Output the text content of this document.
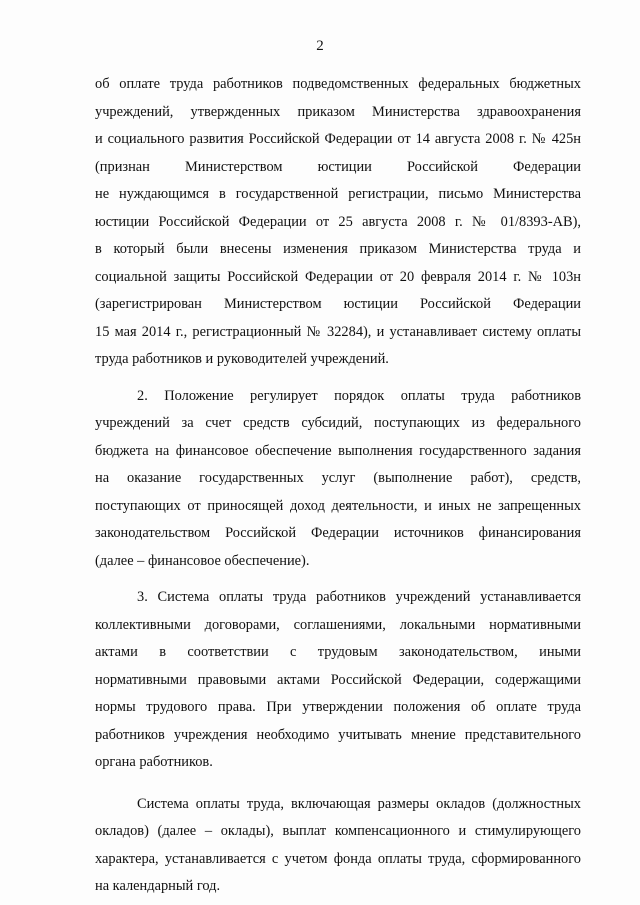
2
об оплате труда работников подведомственных федеральных бюджетных
учреждений, утвержденных приказом Министерства здравоохранения
и социального развития Российской Федерации от 14 августа 2008 г. № 425н
(признан Министерством юстиции Российской Федерации
не нуждающимся в государственной регистрации, письмо Министерства
юстиции Российской Федерации от 25 августа 2008 г. № 01/8393-АВ),
в который были внесены изменения приказом Министерства труда и
социальной защиты Российской Федерации от 20 февраля 2014 г. № 103н
(зарегистрирован Министерством юстиции Российской Федерации
15 мая 2014 г., регистрационный № 32284), и устанавливает систему оплаты
труда работников и руководителей учреждений.
2. Положение регулирует порядок оплаты труда работников
учреждений за счет средств субсидий, поступающих из федерального
бюджета на финансовое обеспечение выполнения государственного задания
на оказание государственных услуг (выполнение работ), средств,
поступающих от приносящей доход деятельности, и иных не запрещенных
законодательством Российской Федерации источников финансирования
(далее – финансовое обеспечение).
3. Система оплаты труда работников учреждений устанавливается
коллективными договорами, соглашениями, локальными нормативными
актами в соответствии с трудовым законодательством, иными
нормативными правовыми актами Российской Федерации, содержащими
нормы трудового права. При утверждении положения об оплате труда
работников учреждения необходимо учитывать мнение представительного
органа работников.
Система оплаты труда, включающая размеры окладов (должностных
окладов) (далее – оклады), выплат компенсационного и стимулирующего
характера, устанавливается с учетом фонда оплаты труда, сформированного
на календарный год.
